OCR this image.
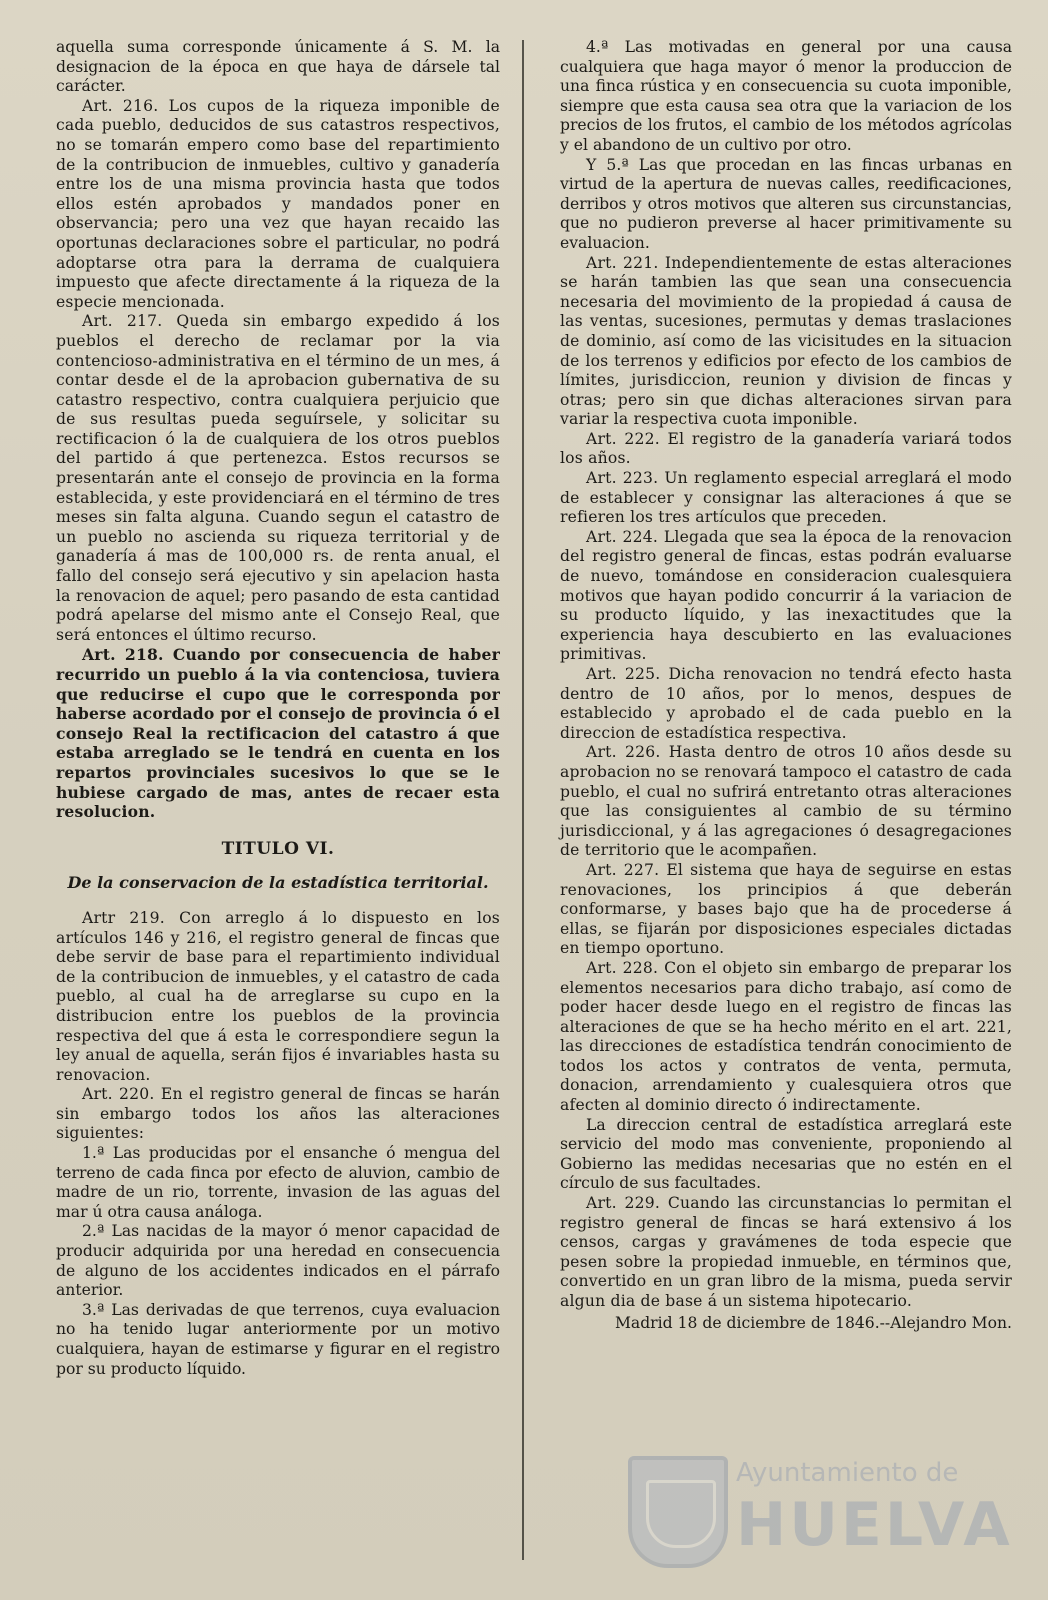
aquella suma corresponde únicamente á S. M. la designacion de la época en que haya de dársele tal carácter.

Art. 216. Los cupos de la riqueza imponible de cada pueblo, deducidos de sus catastros respectivos, no se tomarán empero como base del repartimiento de la contribucion de inmuebles, cultivo y ganadería entre los de una misma provincia hasta que todos ellos estén aprobados y mandados poner en observancia; pero una vez que hayan recaido las oportunas declaraciones sobre el particular, no podrá adoptarse otra para la derrama de cualquiera impuesto que afecte directamente á la riqueza de la especie mencionada.

Art. 217. Queda sin embargo expedido á los pueblos el derecho de reclamar por la via contencioso-administrativa en el término de un mes, á contar desde el de la aprobacion gubernativa de su catastro respectivo, contra cualquiera perjuicio que de sus resultas pueda seguírsele, y solicitar su rectificacion ó la de cualquiera de los otros pueblos del partido á que pertenezca. Estos recursos se presentarán ante el consejo de provincia en la forma establecida, y este providenciará en el término de tres meses sin falta alguna. Cuando segun el catastro de un pueblo no ascienda su riqueza territorial y de ganadería á mas de 100,000 rs. de renta anual, el fallo del consejo será ejecutivo y sin apelacion hasta la renovacion de aquel; pero pasando de esta cantidad podrá apelarse del mismo ante el Consejo Real, que será entonces el último recurso.

Art. 218. Cuando por consecuencia de haber recurrido un pueblo á la via contenciosa, tuviera que reducirse el cupo que le corresponda por haberse acordado por el consejo de provincia ó el consejo Real la rectificacion del catastro á que estaba arreglado se le tendrá en cuenta en los repartos provinciales sucesivos lo que se le hubiese cargado de mas, antes de recaer esta resolucion.

TITULO VI.

De la conservacion de la estadística territorial.

Artr 219. Con arreglo á lo dispuesto en los artículos 146 y 216, el registro general de fincas que debe servir de base para el repartimiento individual de la contribucion de inmuebles, y el catastro de cada pueblo, al cual ha de arreglarse su cupo en la distribucion entre los pueblos de la provincia respectiva del que á esta le correspondiere segun la ley anual de aquella, serán fijos é invariables hasta su renovacion.

Art. 220. En el registro general de fincas se harán sin embargo todos los años las alteraciones siguientes:

1.ª Las producidas por el ensanche ó mengua del terreno de cada finca por efecto de aluvion, cambio de madre de un rio, torrente, invasion de las aguas del mar ú otra causa análoga.

2.ª Las nacidas de la mayor ó menor capacidad de producir adquirida por una heredad en consecuencia de alguno de los accidentes indicados en el párrafo anterior.

3.ª Las derivadas de que terrenos, cuya evaluacion no ha tenido lugar anteriormente por un motivo cualquiera, hayan de estimarse y figurar en el registro por su producto líquido.

4.ª Las motivadas en general por una causa cualquiera que haga mayor ó menor la produccion de una finca rústica y en consecuencia su cuota imponible, siempre que esta causa sea otra que la variacion de los precios de los frutos, el cambio de los métodos agrícolas y el abandono de un cultivo por otro.

Y 5.ª Las que procedan en las fincas urbanas en virtud de la apertura de nuevas calles, reedificaciones, derribos y otros motivos que alteren sus circunstancias, que no pudieron preverse al hacer primitivamente su evaluacion.

Art. 221. Independientemente de estas alteraciones se harán tambien las que sean una consecuencia necesaria del movimiento de la propiedad á causa de las ventas, sucesiones, permutas y demas traslaciones de dominio, así como de las vicisitudes en la situacion de los terrenos y edificios por efecto de los cambios de límites, jurisdiccion, reunion y division de fincas y otras; pero sin que dichas alteraciones sirvan para variar la respectiva cuota imponible.

Art. 222. El registro de la ganadería variará todos los años.

Art. 223. Un reglamento especial arreglará el modo de establecer y consignar las alteraciones á que se refieren los tres artículos que preceden.

Art. 224. Llegada que sea la época de la renovacion del registro general de fincas, estas podrán evaluarse de nuevo, tomándose en consideracion cualesquiera motivos que hayan podido concurrir á la variacion de su producto líquido, y las inexactitudes que la experiencia haya descubierto en las evaluaciones primitivas.

Art. 225. Dicha renovacion no tendrá efecto hasta dentro de 10 años, por lo menos, despues de establecido y aprobado el de cada pueblo en la direccion de estadística respectiva.

Art. 226. Hasta dentro de otros 10 años desde su aprobacion no se renovará tampoco el catastro de cada pueblo, el cual no sufrirá entretanto otras alteraciones que las consiguientes al cambio de su término jurisdiccional, y á las agregaciones ó desagregaciones de territorio que le acompañen.

Art. 227. El sistema que haya de seguirse en estas renovaciones, los principios á que deberán conformarse, y bases bajo que ha de procederse á ellas, se fijarán por disposiciones especiales dictadas en tiempo oportuno.

Art. 228. Con el objeto sin embargo de preparar los elementos necesarios para dicho trabajo, así como de poder hacer desde luego en el registro de fincas las alteraciones de que se ha hecho mérito en el art. 221, las direcciones de estadística tendrán conocimiento de todos los actos y contratos de venta, permuta, donacion, arrendamiento y cualesquiera otros que afecten al dominio directo ó indirectamente.

La direccion central de estadística arreglará este servicio del modo mas conveniente, proponiendo al Gobierno las medidas necesarias que no estén en el círculo de sus facultades.

Art. 229. Cuando las circunstancias lo permitan el registro general de fincas se hará extensivo á los censos, cargas y gravámenes de toda especie que pesen sobre la propiedad inmueble, en términos que, convertido en un gran libro de la misma, pueda servir algun dia de base á un sistema hipotecario.

Madrid 18 de diciembre de 1846.--Alejandro Mon.

Ayuntamiento de
HUELVA
